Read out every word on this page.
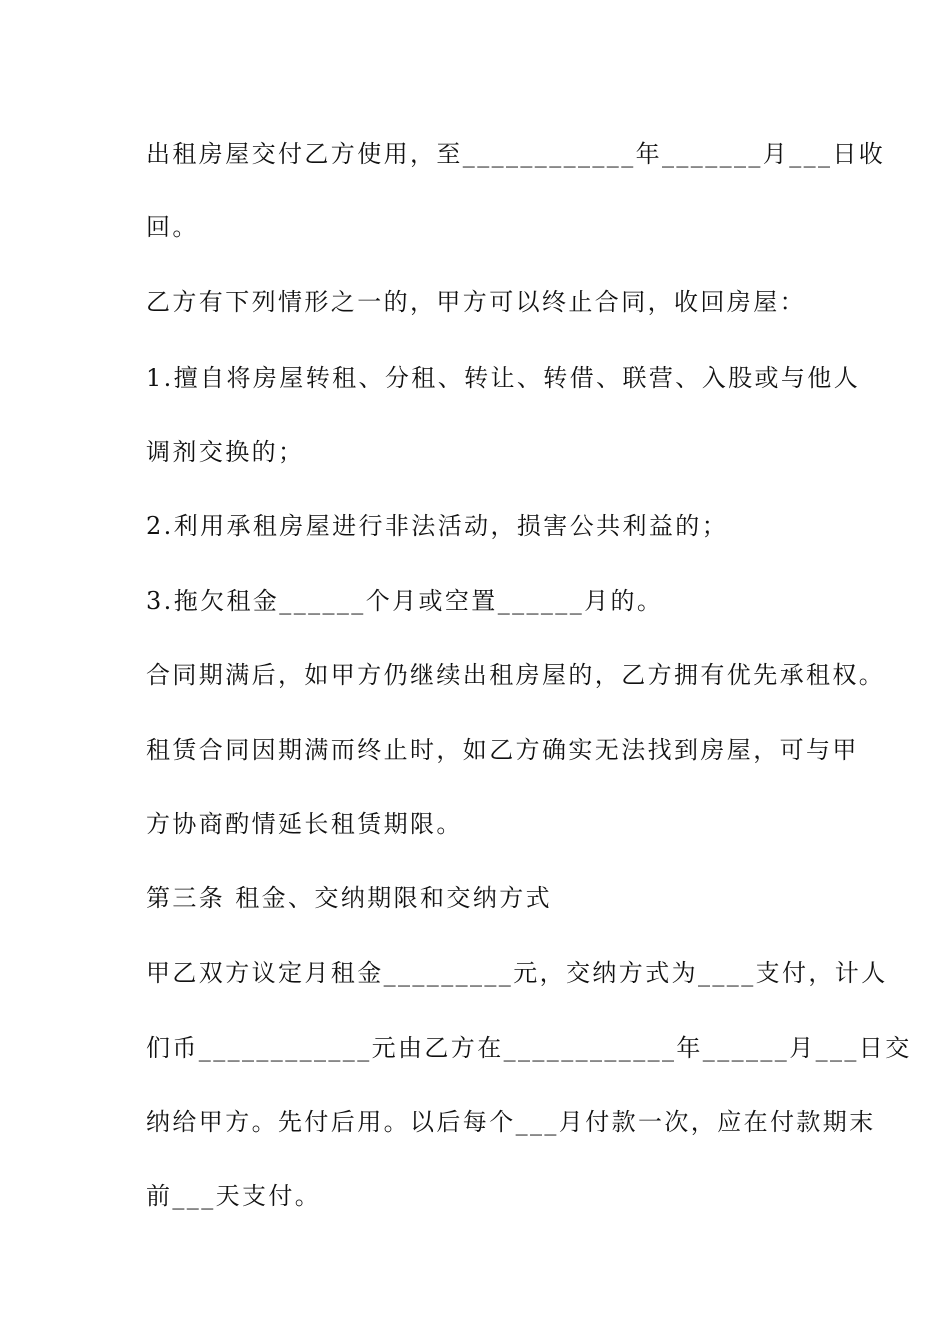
出租房屋交付乙方使用，至____________年_______月___日收
回。
乙方有下列情形之一的，甲方可以终止合同，收回房屋：
1.擅自将房屋转租、分租、转让、转借、联营、入股或与他人
调剂交换的；
2.利用承租房屋进行非法活动，损害公共利益的；
3.拖欠租金______个月或空置______月的。
合同期满后，如甲方仍继续出租房屋的，乙方拥有优先承租权。
租赁合同因期满而终止时，如乙方确实无法找到房屋，可与甲
方协商酌情延长租赁期限。
第三条 租金、交纳期限和交纳方式
甲乙双方议定月租金_________元，交纳方式为____支付，计人
们币____________元由乙方在____________年______月___日交
纳给甲方。先付后用。以后每个___月付款一次，应在付款期末
前___天支付。
